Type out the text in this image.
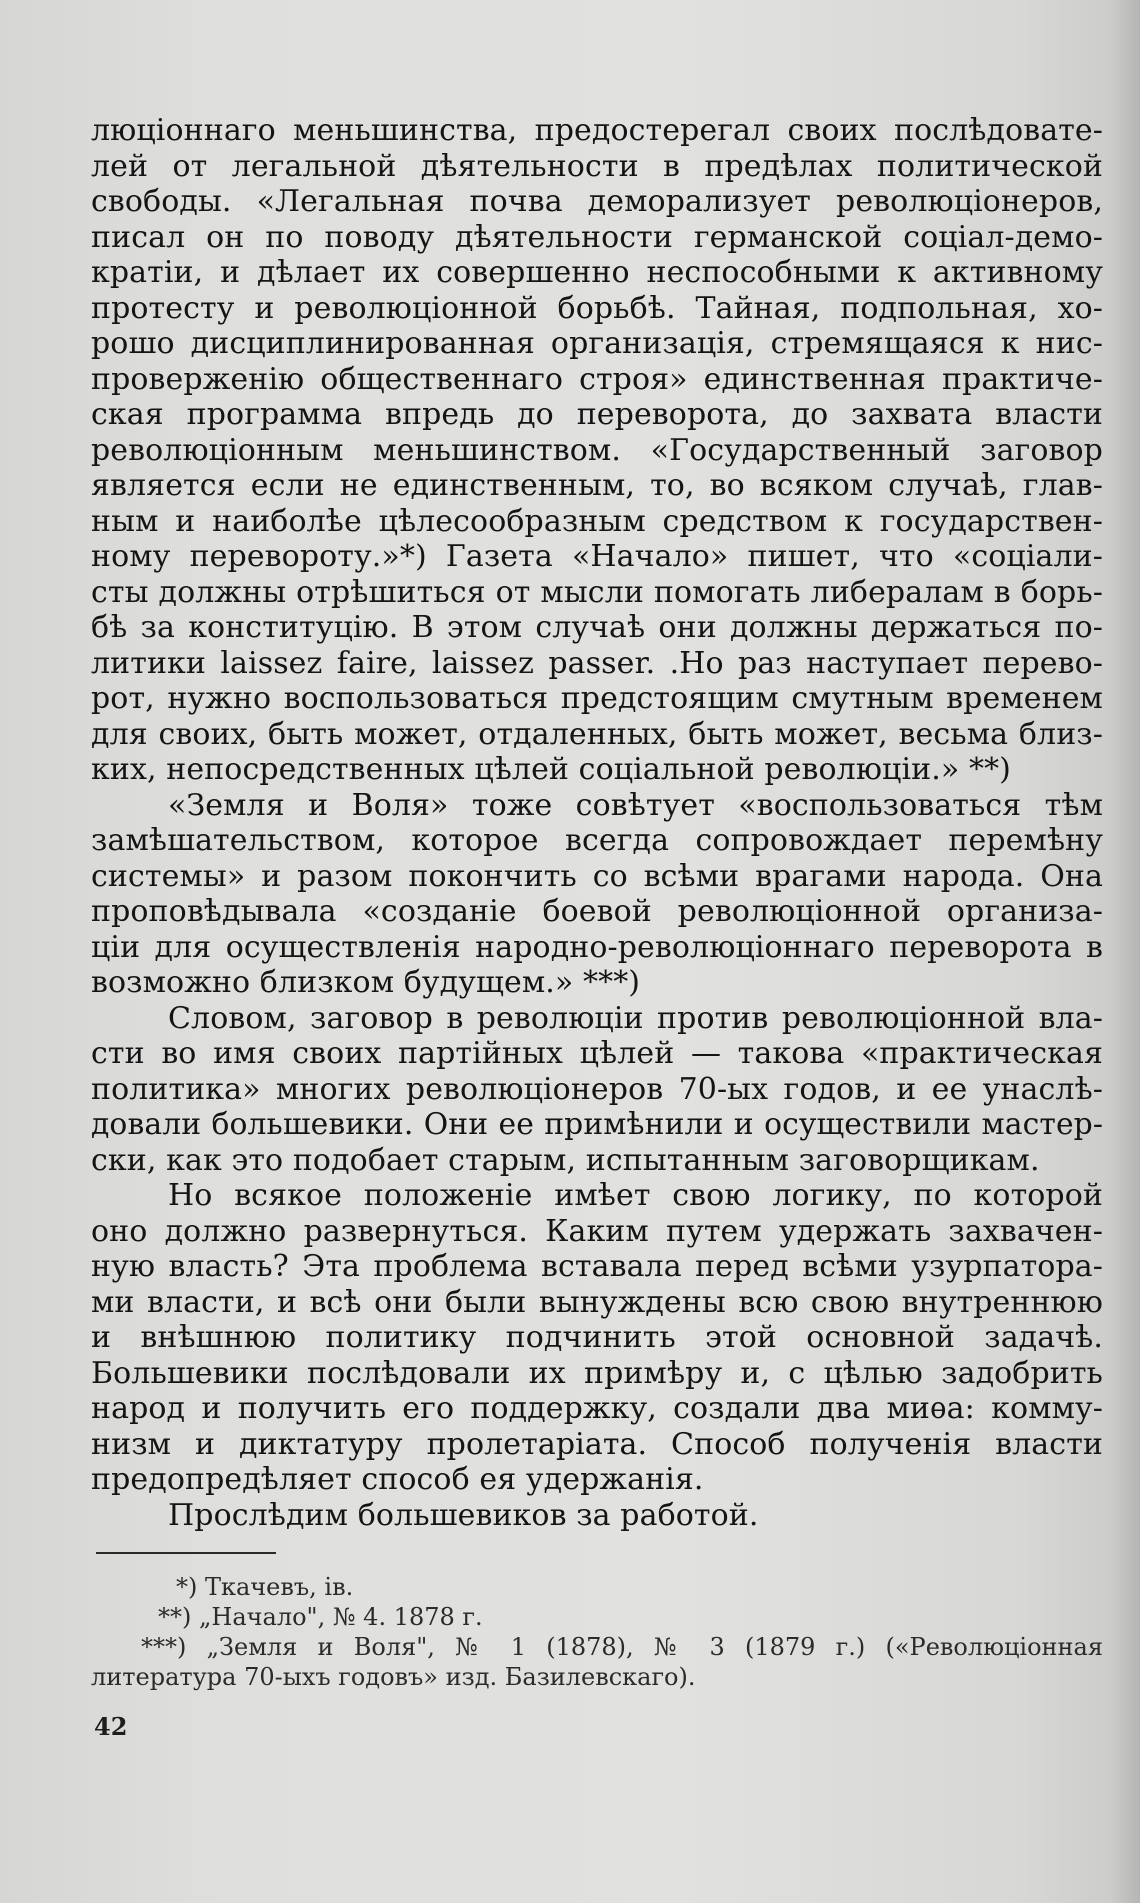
люціоннаго меньшинства, предостерегал своих послѣдовате-
лей от легальной дѣятельности в предѣлах политической
свободы. «Легальная почва деморализует революціонеров,
писал он по поводу дѣятельности германской соціал-демо-
кратіи, и дѣлает их совершенно неспособными к активному
протесту и революціонной борьбѣ. Тайная, подпольная, хо-
рошо дисциплинированная организація, стремящаяся к нис-
проверженію общественнаго строя» единственная практиче-
ская программа впредь до переворота, до захвата власти
революціонным меньшинством. «Государственный заговор
является если не единственным, то, во всяком случаѣ, глав-
ным и наиболѣе цѣлесообразным средством к государствен-
ному перевороту.»*) Газета «Начало» пишет, что «соціали-
сты должны отрѣшиться от мысли помогать либералам в борь-
бѣ за конституцію. В этом случаѣ они должны держаться по-
литики laissez faire, laissez passer. .Но раз наступает перево-
рот, нужно воспользоваться предстоящим смутным временем
для своих, быть может, отдаленных, быть может, весьма близ-
ких, непосредственных цѣлей соціальной революціи.» **)
«Земля и Воля» тоже совѣтует «воспользоваться тѣм
замѣшательством, которое всегда сопровождает перемѣну
системы» и разом покончить со всѣми врагами народа. Она
проповѣдывала «созданіе боевой революціонной организа-
ціи для осуществленія народно-революціоннаго переворота в
возможно близком будущем.» ***)
Словом, заговор в революціи против революціонной вла-
сти во имя своих партійных цѣлей — такова «практическая
политика» многих революціонеров 70-ых годов, и ее унаслѣ-
довали большевики. Они ее примѣнили и осуществили мастер-
ски, как это подобает старым, испытанным заговорщикам.
Но всякое положеніе имѣет свою логику, по которой
оно должно развернуться. Каким путем удержать захвачен-
ную власть? Эта проблема вставала перед всѣми узурпатора-
ми власти, и всѣ они были вынуждены всю свою внутреннюю
и внѣшнюю политику подчинить этой основной задачѣ.
Большевики послѣдовали их примѣру и, с цѣлью задобрить
народ и получить его поддержку, создали два миѳа: комму-
низм и диктатуру пролетаріата. Способ полученія власти
предопредѣляет способ ея удержанія.
Прослѣдим большевиков за работой.
*) Ткачевъ, ів.
**) „Начало", № 4. 1878 г.
***) „Земля и Воля", № 1 (1878), № 3 (1879 г.) («Революціонная
литература 70-ыхъ годовъ» изд. Базилевскаго).
42
